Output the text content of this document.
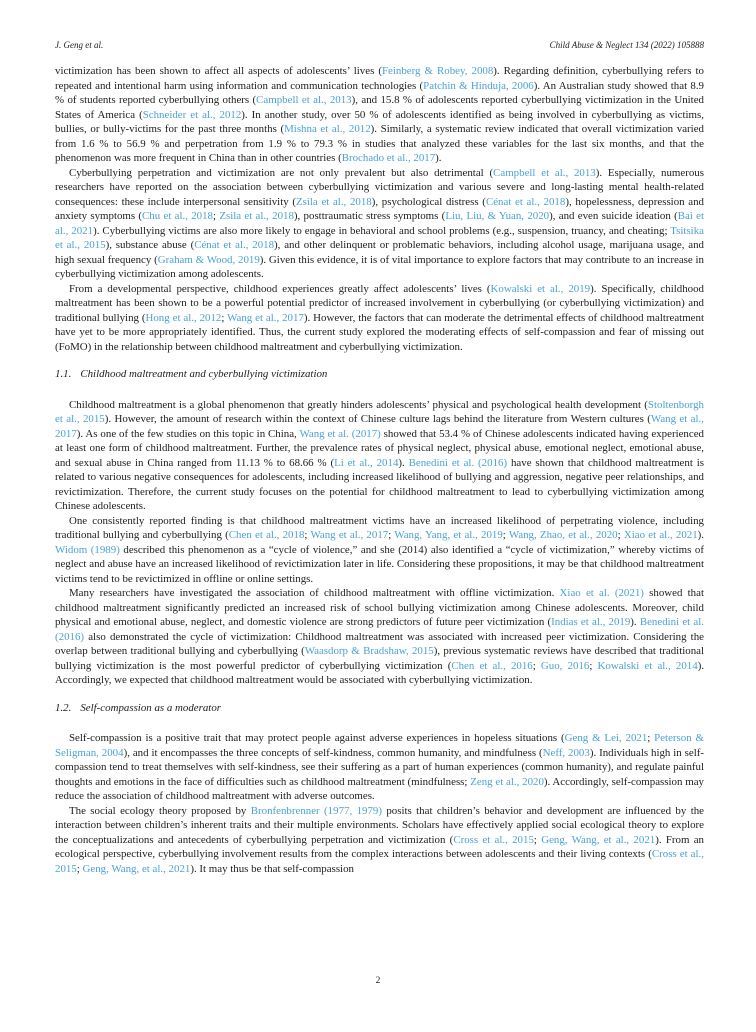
J. Geng et al.	Child Abuse & Neglect 134 (2022) 105888

victimization has been shown to affect all aspects of adolescents’ lives (Feinberg & Robey, 2008). Regarding definition, cyberbullying refers to repeated and intentional harm using information and communication technologies (Patchin & Hinduja, 2006). An Australian study showed that 8.9 % of students reported cyberbullying others (Campbell et al., 2013), and 15.8 % of adolescents reported cyberbullying victimization in the United States of America (Schneider et al., 2012). In another study, over 50 % of adolescents identified as being involved in cyberbullying as victims, bullies, or bully-victims for the past three months (Mishna et al., 2012). Similarly, a systematic review indicated that overall victimization varied from 1.6 % to 56.9 % and perpetration from 1.9 % to 79.3 % in studies that analyzed these variables for the last six months, and that the phenomenon was more frequent in China than in other countries (Brochado et al., 2017).

Cyberbullying perpetration and victimization are not only prevalent but also detrimental (Campbell et al., 2013). Especially, numerous researchers have reported on the association between cyberbullying victimization and various severe and long-lasting mental health-related consequences: these include interpersonal sensitivity (Zsila et al., 2018), psychological distress (Cénat et al., 2018), hopelessness, depression and anxiety symptoms (Chu et al., 2018; Zsila et al., 2018), posttraumatic stress symptoms (Liu, Liu, & Yuan, 2020), and even suicide ideation (Bai et al., 2021). Cyberbullying victims are also more likely to engage in behavioral and school problems (e.g., suspension, truancy, and cheating; Tsitsika et al., 2015), substance abuse (Cénat et al., 2018), and other delinquent or problematic behaviors, including alcohol usage, marijuana usage, and high sexual frequency (Graham & Wood, 2019). Given this evidence, it is of vital importance to explore factors that may contribute to an increase in cyberbullying victimization among adolescents.

From a developmental perspective, childhood experiences greatly affect adolescents’ lives (Kowalski et al., 2019). Specifically, childhood maltreatment has been shown to be a powerful potential predictor of increased involvement in cyberbullying (or cyberbullying victimization) and traditional bullying (Hong et al., 2012; Wang et al., 2017). However, the factors that can moderate the detrimental effects of childhood maltreatment have yet to be more appropriately identified. Thus, the current study explored the moderating effects of self-compassion and fear of missing out (FoMO) in the relationship between childhood maltreatment and cyberbullying victimization.

1.1. Childhood maltreatment and cyberbullying victimization

Childhood maltreatment is a global phenomenon that greatly hinders adolescents’ physical and psychological health development (Stoltenborgh et al., 2015). However, the amount of research within the context of Chinese culture lags behind the literature from Western cultures (Wang et al., 2017). As one of the few studies on this topic in China, Wang et al. (2017) showed that 53.4 % of Chinese adolescents indicated having experienced at least one form of childhood maltreatment. Further, the prevalence rates of physical neglect, physical abuse, emotional neglect, emotional abuse, and sexual abuse in China ranged from 11.13 % to 68.66 % (Li et al., 2014). Benedini et al. (2016) have shown that childhood maltreatment is related to various negative consequences for adolescents, including increased likelihood of bullying and aggression, negative peer relationships, and revictimization. Therefore, the current study focuses on the potential for childhood maltreatment to lead to cyberbullying victimization among Chinese adolescents.

One consistently reported finding is that childhood maltreatment victims have an increased likelihood of perpetrating violence, including traditional bullying and cyberbullying (Chen et al., 2018; Wang et al., 2017; Wang, Yang, et al., 2019; Wang, Zhao, et al., 2020; Xiao et al., 2021). Widom (1989) described this phenomenon as a “cycle of violence,” and she (2014) also identified a “cycle of victimization,” whereby victims of neglect and abuse have an increased likelihood of revictimization later in life. Considering these propositions, it may be that childhood maltreatment victims tend to be revictimized in offline or online settings.

Many researchers have investigated the association of childhood maltreatment with offline victimization. Xiao et al. (2021) showed that childhood maltreatment significantly predicted an increased risk of school bullying victimization among Chinese adolescents. Moreover, child physical and emotional abuse, neglect, and domestic violence are strong predictors of future peer victimization (Indias et al., 2019). Benedini et al. (2016) also demonstrated the cycle of victimization: Childhood maltreatment was associated with increased peer victimization. Considering the overlap between traditional bullying and cyberbullying (Waasdorp & Bradshaw, 2015), previous systematic reviews have described that traditional bullying victimization is the most powerful predictor of cyberbullying victimization (Chen et al., 2016; Guo, 2016; Kowalski et al., 2014). Accordingly, we expected that childhood maltreatment would be associated with cyberbullying victimization.

1.2. Self-compassion as a moderator

Self-compassion is a positive trait that may protect people against adverse experiences in hopeless situations (Geng & Lei, 2021; Peterson & Seligman, 2004), and it encompasses the three concepts of self-kindness, common humanity, and mindfulness (Neff, 2003). Individuals high in self-compassion tend to treat themselves with self-kindness, see their suffering as a part of human experiences (common humanity), and regulate painful thoughts and emotions in the face of difficulties such as childhood maltreatment (mindfulness; Zeng et al., 2020). Accordingly, self-compassion may reduce the association of childhood maltreatment with adverse outcomes.

The social ecology theory proposed by Bronfenbrenner (1977, 1979) posits that children’s behavior and development are influenced by the interaction between children’s inherent traits and their multiple environments. Scholars have effectively applied social ecological theory to explore the conceptualizations and antecedents of cyberbullying perpetration and victimization (Cross et al., 2015; Geng, Wang, et al., 2021). From an ecological perspective, cyberbullying involvement results from the complex interactions between adolescents and their living contexts (Cross et al., 2015; Geng, Wang, et al., 2021). It may thus be that self-compassion

2
